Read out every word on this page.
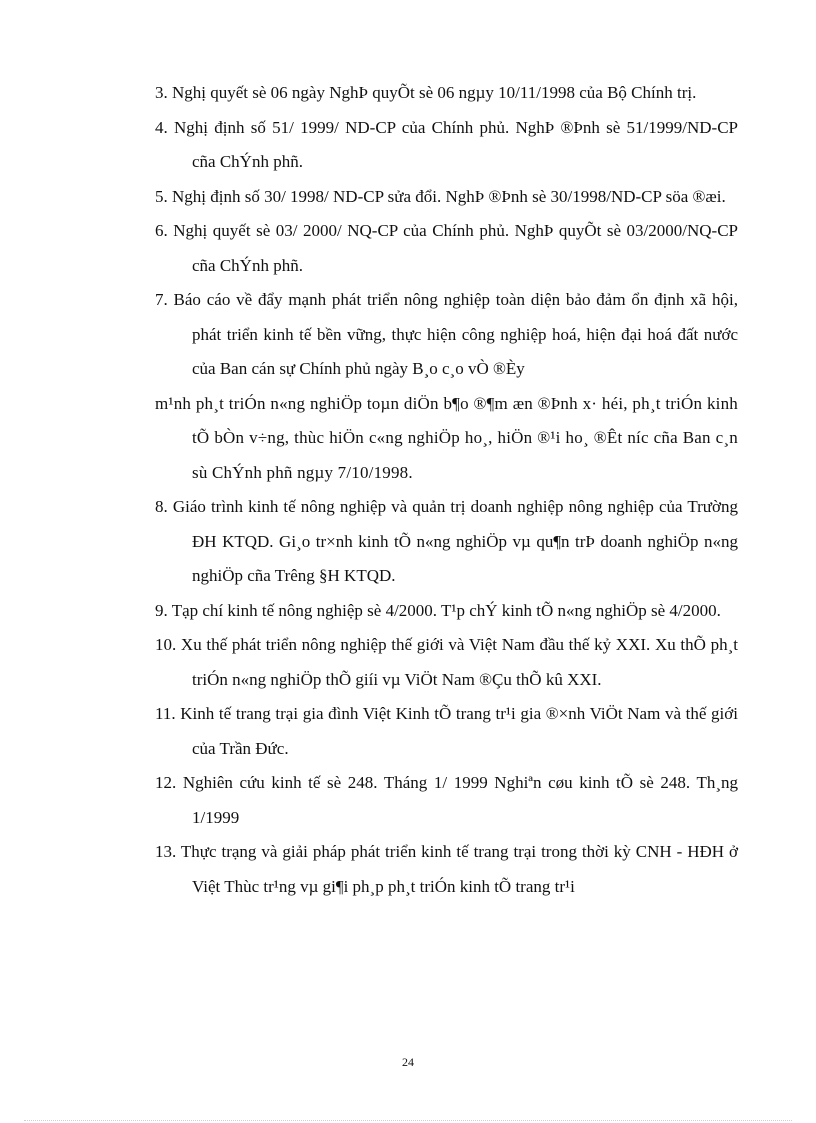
3. Nghị quyết sè 06 ngày NghÞ quyÕt sè 06 ngµy 10/11/1998 của Bộ Chính trị.
4. Nghị định số 51/ 1999/ ND-CP của Chính phủ. NghÞ ®Þnh sè 51/1999/ND-CP cña ChÝnh phñ.
5. Nghị định số 30/ 1998/ ND-CP sửa đổi. NghÞ ®Þnh sè 30/1998/ND-CP söa ®æi.
6. Nghị quyết sè 03/ 2000/ NQ-CP của Chính phủ. NghÞ quyÕt sè 03/2000/NQ-CP cña ChÝnh phñ.
7. Báo cáo về đẩy mạnh phát triển nông nghiệp toàn diện bảo đảm ổn định xã hội, phát triển kinh tế bền vững, thực hiện công nghiệp hoá, hiện đại hoá đất nước của Ban cán sự Chính phủ ngày B¸o c¸o vÒ ®Èy
m¹nh ph¸t triÓn n«ng nghiÖp toµn diÖn b¶o ®¶m æn ®Þnh x· héi, ph¸t triÓn kinh tÕ bÒn v÷ng, thùc hiÖn c«ng nghiÖp ho¸, hiÖn ®¹i ho¸ ®Êt níc cña Ban c¸n sù ChÝnh phñ ngµy 7/10/1998.
8. Giáo trình kinh tế nông nghiệp và quản trị doanh nghiệp nông nghiệp của Trường ĐH KTQD. Gi¸o tr×nh kinh tÕ n«ng nghiÖp vµ qu¶n trÞ doanh nghiÖp n«ng nghiÖp cña Trêng §H KTQD.
9. Tạp chí kinh tế nông nghiệp sè 4/2000. T¹p chÝ kinh tÕ n«ng nghiÖp sè 4/2000.
10. Xu thế phát triển nông nghiệp thế giới và Việt Nam đầu thế kỷ XXI. Xu thÕ ph¸t triÓn n«ng nghiÖp thÕ giíi vµ ViÖt Nam ®Çu thÕ kû XXI.
11. Kinh tế trang trại gia đình Việt Kinh tÕ trang tr¹i gia ®×nh ViÖt Nam và thế giới của Trần Đức.
12. Nghiên cứu kinh tế sè 248. Tháng 1/ 1999 Nghiªn cøu kinh tÕ sè 248. Th¸ng 1/1999
13. Thực trạng và giải pháp phát triển kinh tế trang trại trong thời kỳ CNH - HĐH ở Việt Thùc tr¹ng vµ gi¶i ph¸p ph¸t triÓn kinh tÕ trang tr¹i
24
